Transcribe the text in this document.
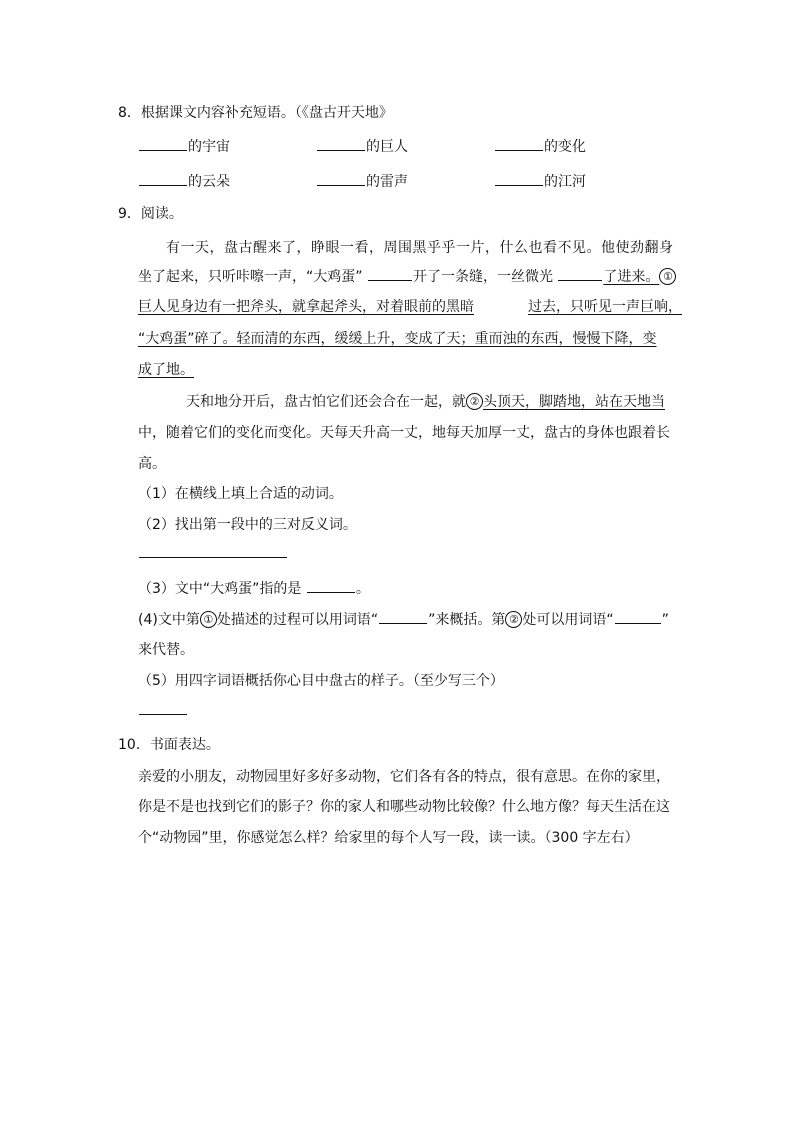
8．根据课文内容补充短语。（《盘古开天地》
的宇宙	的巨人	的变化
的云朵	的雷声	的江河
9．阅读。
有一天，盘古醒来了，睁眼一看，周围黑乎乎一片，什么也看不见。他使劲翻身
坐了起来，只听咔嚓一声，“大鸡蛋”	开了一条缝，一丝微光	了进来。 ①
巨人见身边有一把斧头，就拿起斧头，对着眼前的黑暗	过去，只听见一声巨响，
“大鸡蛋”碎了。轻而清的东西，缓缓上升，变成了天；重而浊的东西，慢慢下降，变
成了地。
天和地分开后，盘古怕它们还会合在一起，就 ② 头顶天，脚踏地，站在天地当
中，随着它们的变化而变化。天每天升高一丈，地每天加厚一丈，盘古的身体也跟着长
高。
（1）在横线上填上合适的动词。
（2）找出第一段中的三对反义词。
（3）文中“大鸡蛋”指的是	。
(4)文中第 ① 处描述的过程可以用词语“	”来概括。第 ② 处可以用词语“	”
来代替。
（5）用四字词语概括你心目中盘古的样子。（至少写三个）
10．书面表达。
亲爱的小朋友，动物园里好多好多动物，它们各有各的特点，很有意思。在你的家里，
你是不是也找到它们的影子？你的家人和哪些动物比较像？什么地方像？每天生活在这
个“动物园”里，你感觉怎么样？给家里的每个人写一段，读一读。（300 字左右）
